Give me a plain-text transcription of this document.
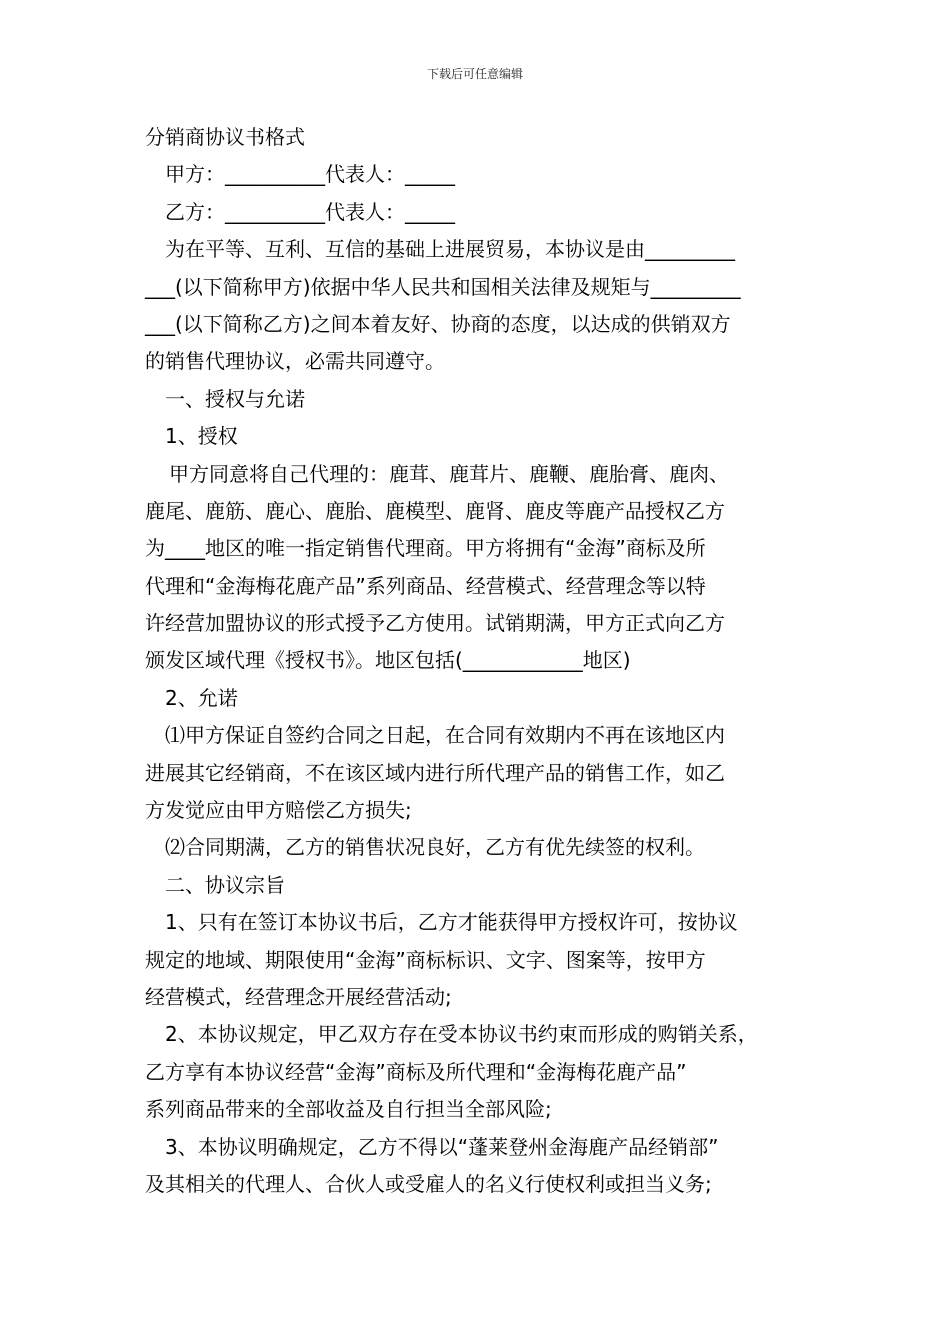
下载后可任意编辑
分销商协议书格式
甲方：__________代表人：_____
乙方：__________代表人：_____
为在平等、互利、互信的基础上进展贸易，本协议是由_________
___(以下简称甲方)依据中华人民共和国相关法律及规矩与_________
___(以下简称乙方)之间本着友好、协商的态度，以达成的供销双方
的销售代理协议，必需共同遵守。
一、授权与允诺
1、授权
甲方同意将自己代理的：鹿茸、鹿茸片、鹿鞭、鹿胎膏、鹿肉、
鹿尾、鹿筋、鹿心、鹿胎、鹿模型、鹿肾、鹿皮等鹿产品授权乙方
为____地区的唯一指定销售代理商。甲方将拥有“金海”商标及所
代理和“金海梅花鹿产品”系列商品、经营模式、经营理念等以特
许经营加盟协议的形式授予乙方使用。试销期满，甲方正式向乙方
颁发区域代理《授权书》。地区包括(____________地区)
2、允诺
⑴甲方保证自签约合同之日起，在合同有效期内不再在该地区内
进展其它经销商，不在该区域内进行所代理产品的销售工作，如乙
方发觉应由甲方赔偿乙方损失;
⑵合同期满，乙方的销售状况良好，乙方有优先续签的权利。
二、协议宗旨
1、只有在签订本协议书后，乙方才能获得甲方授权许可，按协议
规定的地域、期限使用“金海”商标标识、文字、图案等，按甲方
经营模式，经营理念开展经营活动;
2、本协议规定，甲乙双方存在受本协议书约束而形成的购销关系，
乙方享有本协议经营“金海”商标及所代理和“金海梅花鹿产品”
系列商品带来的全部收益及自行担当全部风险;
3、本协议明确规定，乙方不得以“蓬莱登州金海鹿产品经销部”
及其相关的代理人、合伙人或受雇人的名义行使权利或担当义务;
